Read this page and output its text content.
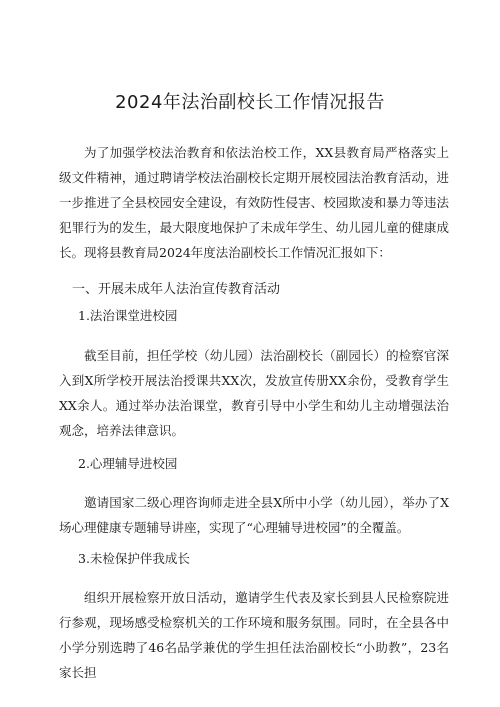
2024年法治副校长工作情况报告

为了加强学校法治教育和依法治校工作，XX县教育局严格落实上级文件精神，通过聘请学校法治副校长定期开展校园法治教育活动，进一步推进了全县校园安全建设，有效防性侵害、校园欺凌和暴力等违法犯罪行为的发生，最大限度地保护了未成年学生、幼儿园儿童的健康成长。现将县教育局2024年度法治副校长工作情况汇报如下：

一、开展未成年人法治宣传教育活动
1.法治课堂进校园

截至目前，担任学校（幼儿园）法治副校长（副园长）的检察官深入到X所学校开展法治授课共XX次，发放宣传册XX余份，受教育学生XX余人。通过举办法治课堂，教育引导中小学生和幼儿主动增强法治观念，培养法律意识。

2.心理辅导进校园

邀请国家二级心理咨询师走进全县X所中小学（幼儿园），举办了X场心理健康专题辅导讲座，实现了“心理辅导进校园”的全覆盖。

3.未检保护伴我成长

组织开展检察开放日活动，邀请学生代表及家长到县人民检察院进行参观，现场感受检察机关的工作环境和服务氛围。同时，在全县各中小学分别选聘了46名品学兼优的学生担任法治副校长“小助教”，23名家长担
